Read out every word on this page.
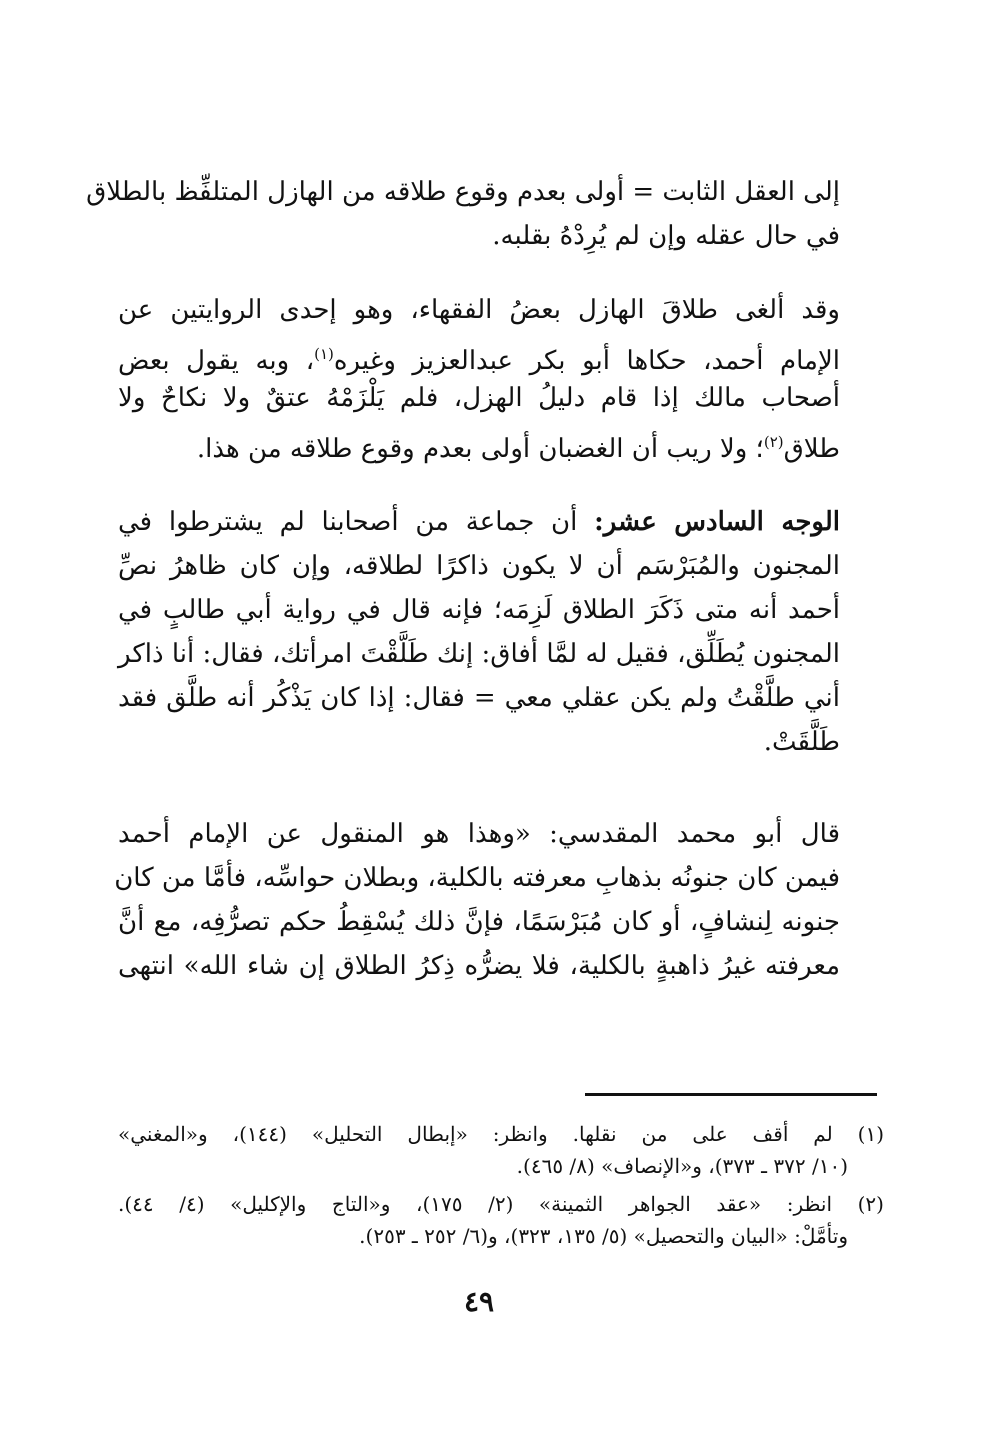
إلى العقل الثابت = أولى بعدم وقوع طلاقه من الهازل المتلفِّظ بالطلاق
في حال عقله وإن لم يُرِدْهُ بقلبه.
وقد ألغى طلاقَ الهازل بعضُ الفقهاء، وهو إحدى الروايتين عن
الإمام أحمد، حكاها أبو بكر عبدالعزيز وغيره$^{(١)}$، وبه يقول بعض
أصحاب مالك إذا قام دليلُ الهزل، فلم يَلْزَمْهُ عتقٌ ولا نكاحٌ ولا
طلاق$^{(٢)}$؛ ولا ريب أن الغضبان أولى بعدم وقوع طلاقه من هذا.
الوجه السادس عشر: أن جماعة من أصحابنا لم يشترطوا في
المجنون والمُبَرْسَم أن لا يكون ذاكرًا لطلاقه، وإن كان ظاهرُ نصِّ
أحمد أنه متى ذَكَرَ الطلاق لَزِمَه؛ فإنه قال في رواية أبي طالبٍ في
المجنون يُطَلِّق، فقيل له لمَّا أفاق: إنك طَلَّقْتَ امرأتك، فقال: أنا ذاكر
أني طلَّقْتُ ولم يكن عقلي معي = فقال: إذا كان يَذْكُر أنه طلَّق فقد
طَلَّقَتْ.
قال أبو محمد المقدسي: «وهذا هو المنقول عن الإمام أحمد
فيمن كان جنونُه بذهابِ معرفته بالكلية، وبطلان حواسِّه، فأمَّا من كان
جنونه لِنشافٍ، أو كان مُبَرْسَمًا، فإنَّ ذلك يُسْقِطُ حكم تصرُّفِه، مع أنَّ
معرفته غيرُ ذاهبةٍ بالكلية، فلا يضرُّه ذِكرُ الطلاق إن شاء الله» انتهى
(١) لم أقف على من نقلها. وانظر: «إبطال التحليل» (١٤٤)، و«المغني»
(١٠/ ٣٧٢ ـ ٣٧٣)، و«الإنصاف» (٨/ ٤٦٥).
(٢) انظر: «عقد الجواهر الثمينة» (٢/ ١٧٥)، و«التاج والإكليل» (٤/ ٤٤).
وتأمَّلْ: «البيان والتحصيل» (٥/ ١٣٥، ٣٢٣)، و(٦/ ٢٥٢ ـ ٢٥٣).
٤٩
